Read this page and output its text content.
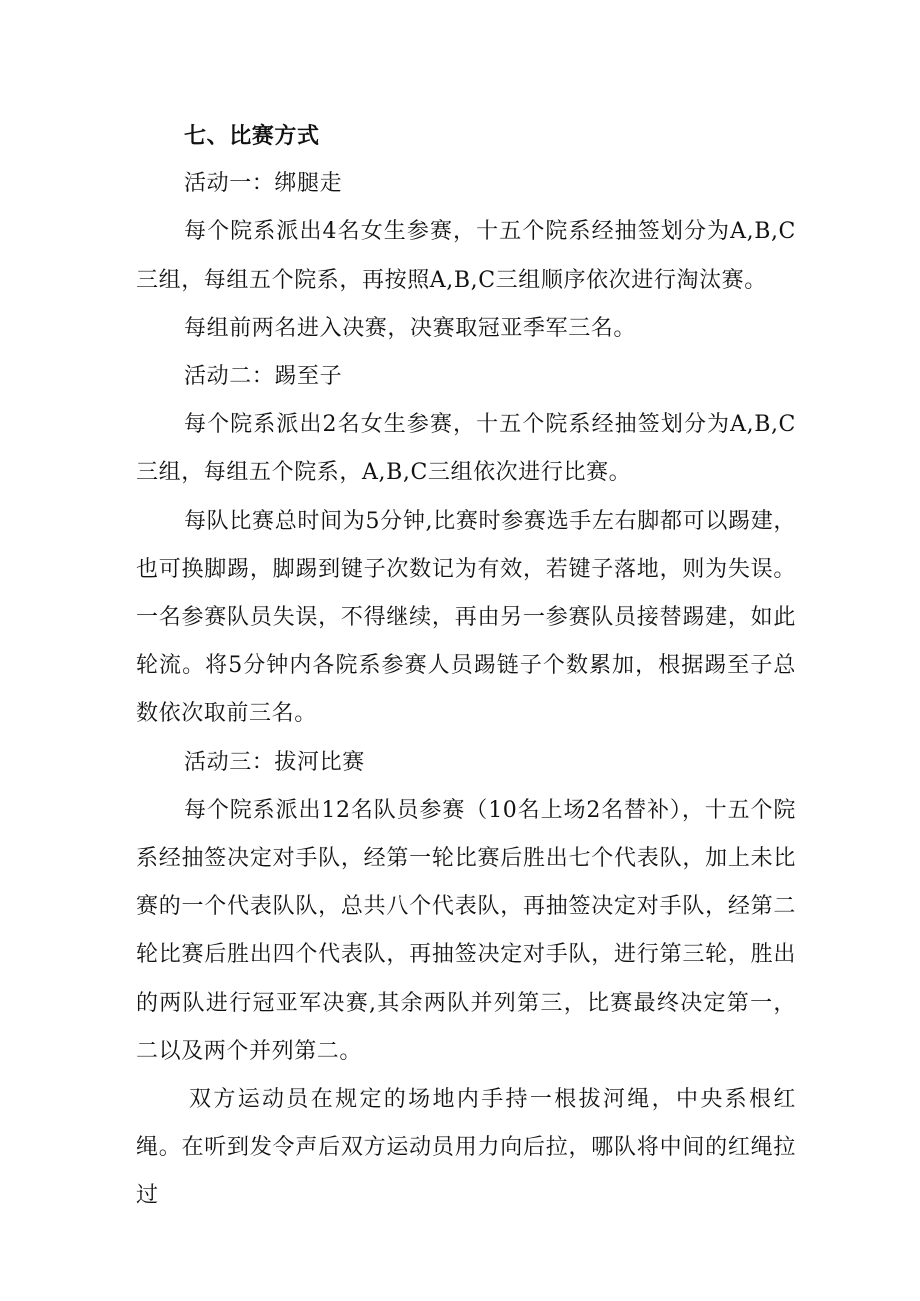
七、比赛方式

活动一：绑腿走

每个院系派出4名女生参赛，十五个院系经抽签划分为A,B,C三组，每组五个院系，再按照A,B,C三组顺序依次进行淘汰赛。

每组前两名进入决赛，决赛取冠亚季军三名。

活动二：踢至子

每个院系派出2名女生参赛，十五个院系经抽签划分为A,B,C三组，每组五个院系，A,B,C三组依次进行比赛。

每队比赛总时间为5分钟,比赛时参赛选手左右脚都可以踢建，也可换脚踢，脚踢到键子次数记为有效，若键子落地，则为失误。一名参赛队员失误，不得继续，再由另一参赛队员接替踢建，如此轮流。将5分钟内各院系参赛人员踢链子个数累加，根据踢至子总数依次取前三名。

活动三：拔河比赛

每个院系派出12名队员参赛（10名上场2名替补），十五个院系经抽签决定对手队，经第一轮比赛后胜出七个代表队，加上未比赛的一个代表队队，总共八个代表队，再抽签决定对手队，经第二轮比赛后胜出四个代表队，再抽签决定对手队，进行第三轮，胜出的两队进行冠亚军决赛,其余两队并列第三，比赛最终决定第一，二以及两个并列第二。

双方运动员在规定的场地内手持一根拔河绳，中央系根红绳。在听到发令声后双方运动员用力向后拉，哪队将中间的红绳拉过
